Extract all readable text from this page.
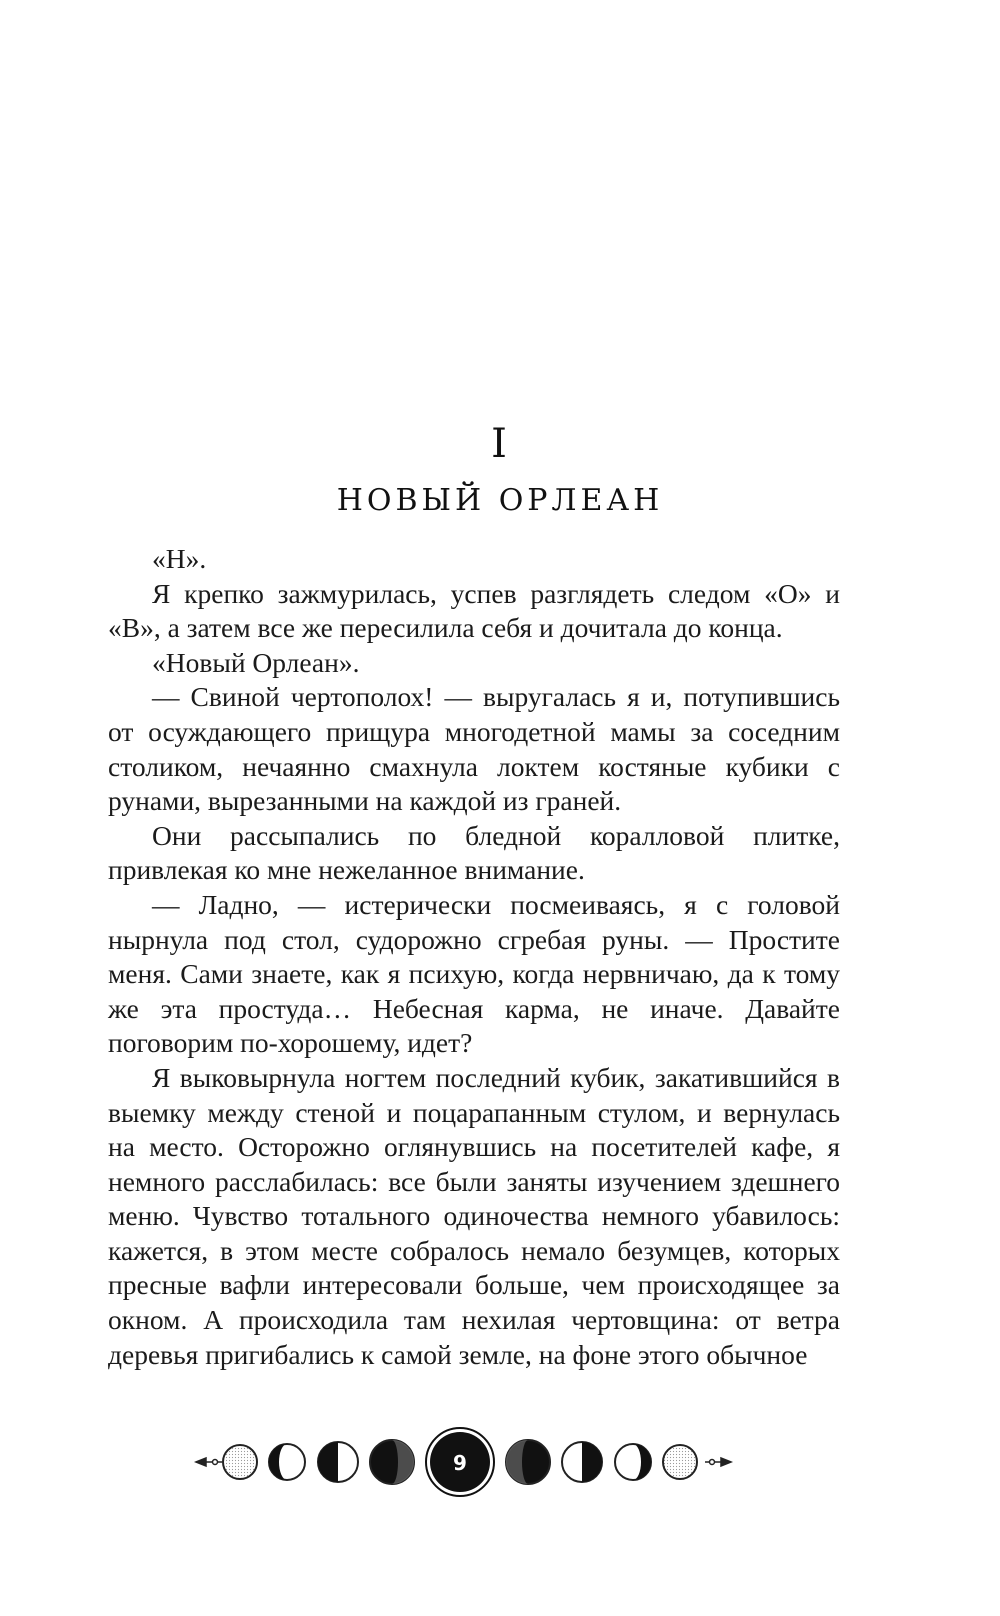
I
НОВЫЙ ОРЛЕАН

«Н».

Я крепко зажмурилась, успев разглядеть следом «О» и «В», а затем все же пересилила себя и дочитала до конца.

«Новый Орлеан».

— Свиной чертополох! — выругалась я и, потупившись от осуждающего прищура многодетной мамы за соседним столиком, нечаянно смахнула локтем костяные кубики с рунами, вырезанными на каждой из граней.

Они рассыпались по бледной коралловой плитке, привлекая ко мне нежеланное внимание.

— Ладно, — истерически посмеиваясь, я с головой нырнула под стол, судорожно сгребая руны. — Простите меня. Сами знаете, как я психую, когда нервничаю, да к тому же эта простуда… Небесная карма, не иначе. Давайте поговорим по-хорошему, идет?

Я выковырнула ногтем последний кубик, закатившийся в выемку между стеной и поцарапанным стулом, и вернулась на место. Осторожно оглянувшись на посетителей кафе, я немного расслабилась: все были заняты изучением здешнего меню. Чувство тотального одиночества немного убавилось: кажется, в этом месте собралось немало безумцев, которых пресные вафли интересовали больше, чем происходящее за окном. А происходила там нехилая чертовщина: от ветра деревья пригибались к самой земле, на фоне этого обычное

9
